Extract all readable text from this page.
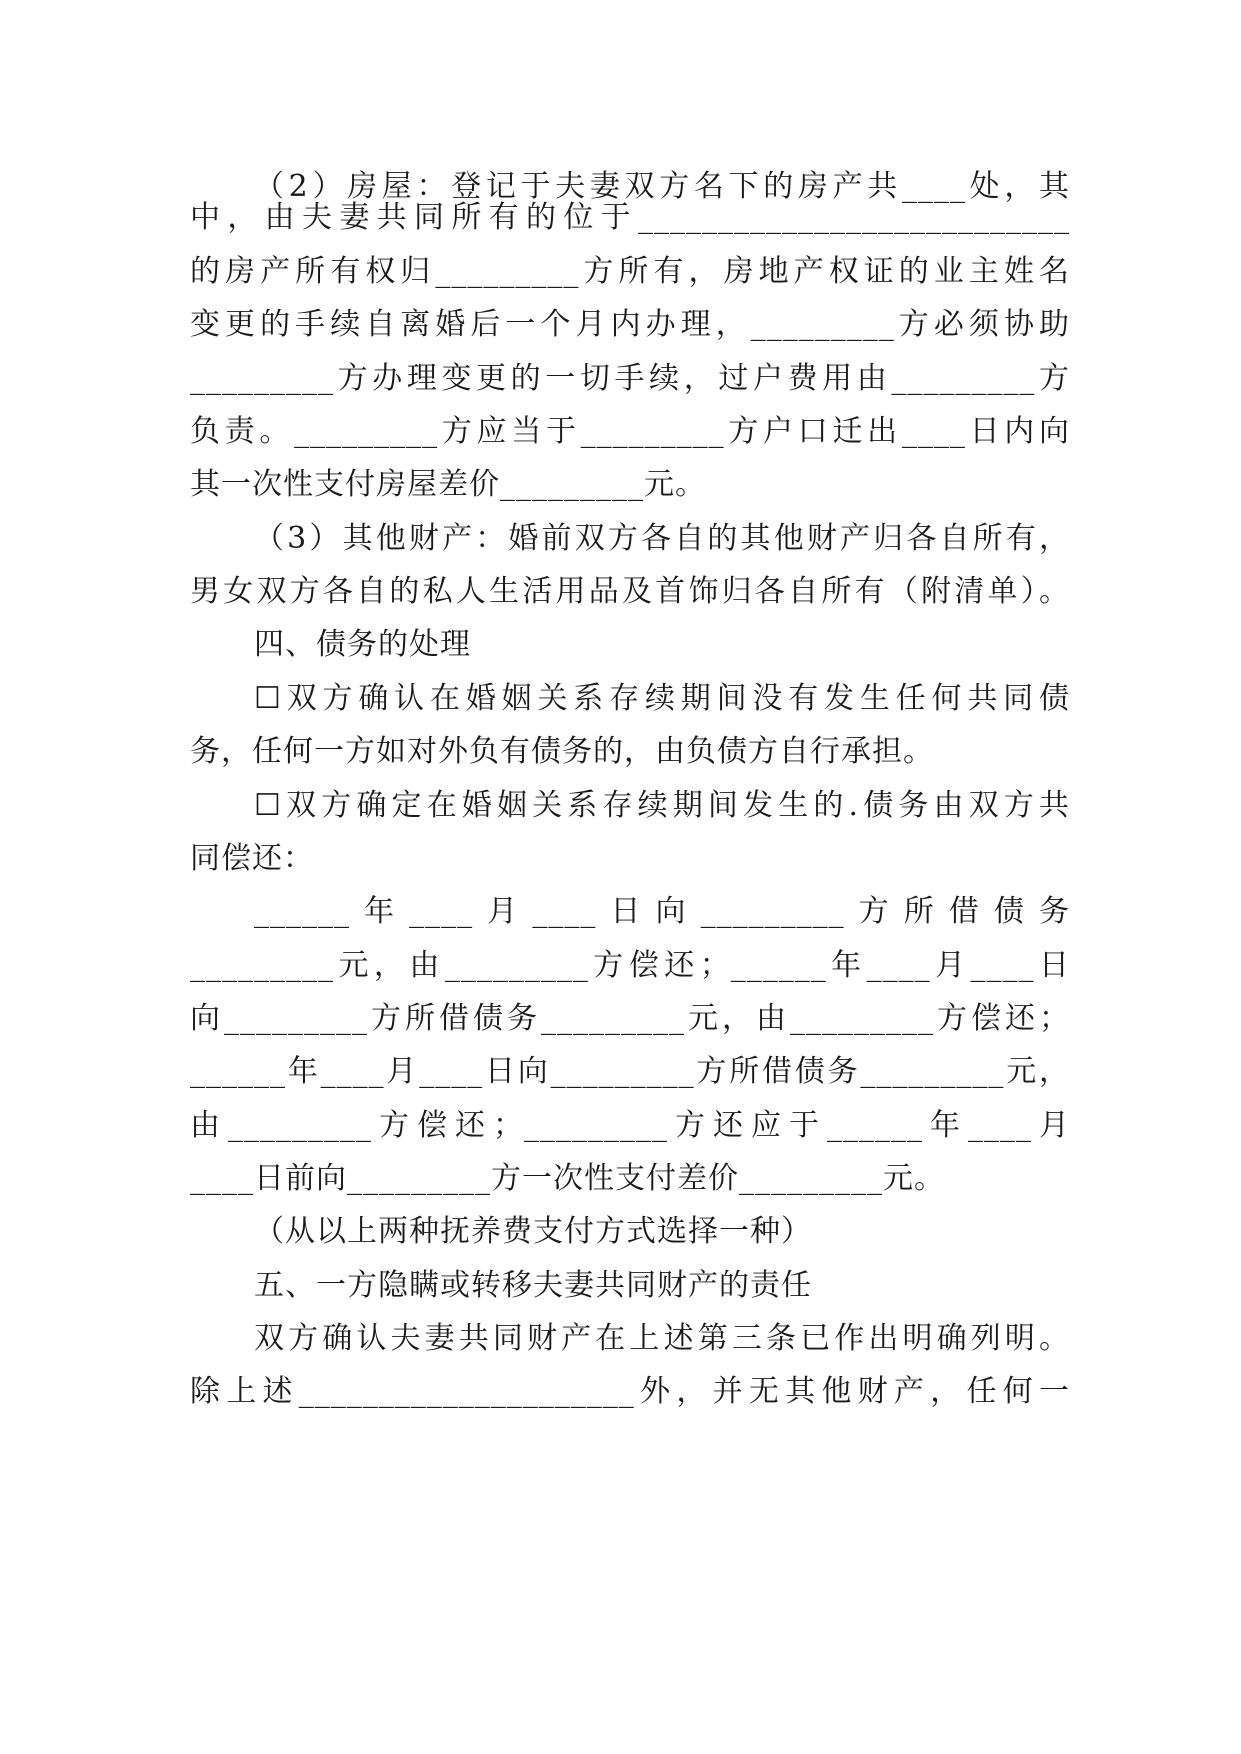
（2）房屋：登记于夫妻双方名下的房产共____处，其
中，由夫妻共同所有的位于___________________________
的房产所有权归_________方所有，房地产权证的业主姓名
变更的手续自离婚后一个月内办理，_________方必须协助
_________方办理变更的一切手续，过户费用由_________方
负责。_________方应当于_________方户口迁出____日内向
其一次性支付房屋差价_________元。
（3）其他财产：婚前双方各自的其他财产归各自所有，
男女双方各自的私人生活用品及首饰归各自所有（附清单）。
四、债务的处理
☐双方确认在婚姻关系存续期间没有发生任何共同债
务，任何一方如对外负有债务的，由负债方自行承担。
☐双方确定在婚姻关系存续期间发生的.债务由双方共
同偿还：
______年____月____日向_________方所借债务
_________元，由_________方偿还；______年____月____日
向_________方所借债务_________元，由_________方偿还；
______年____月____日向_________方所借债务_________元，
由_________方偿还；_________方还应于______年____月
____日前向_________方一次性支付差价_________元。
（从以上两种抚养费支付方式选择一种）
五、一方隐瞒或转移夫妻共同财产的责任
双方确认夫妻共同财产在上述第三条已作出明确列明。
除上述_____________________外，并无其他财产，任何一
